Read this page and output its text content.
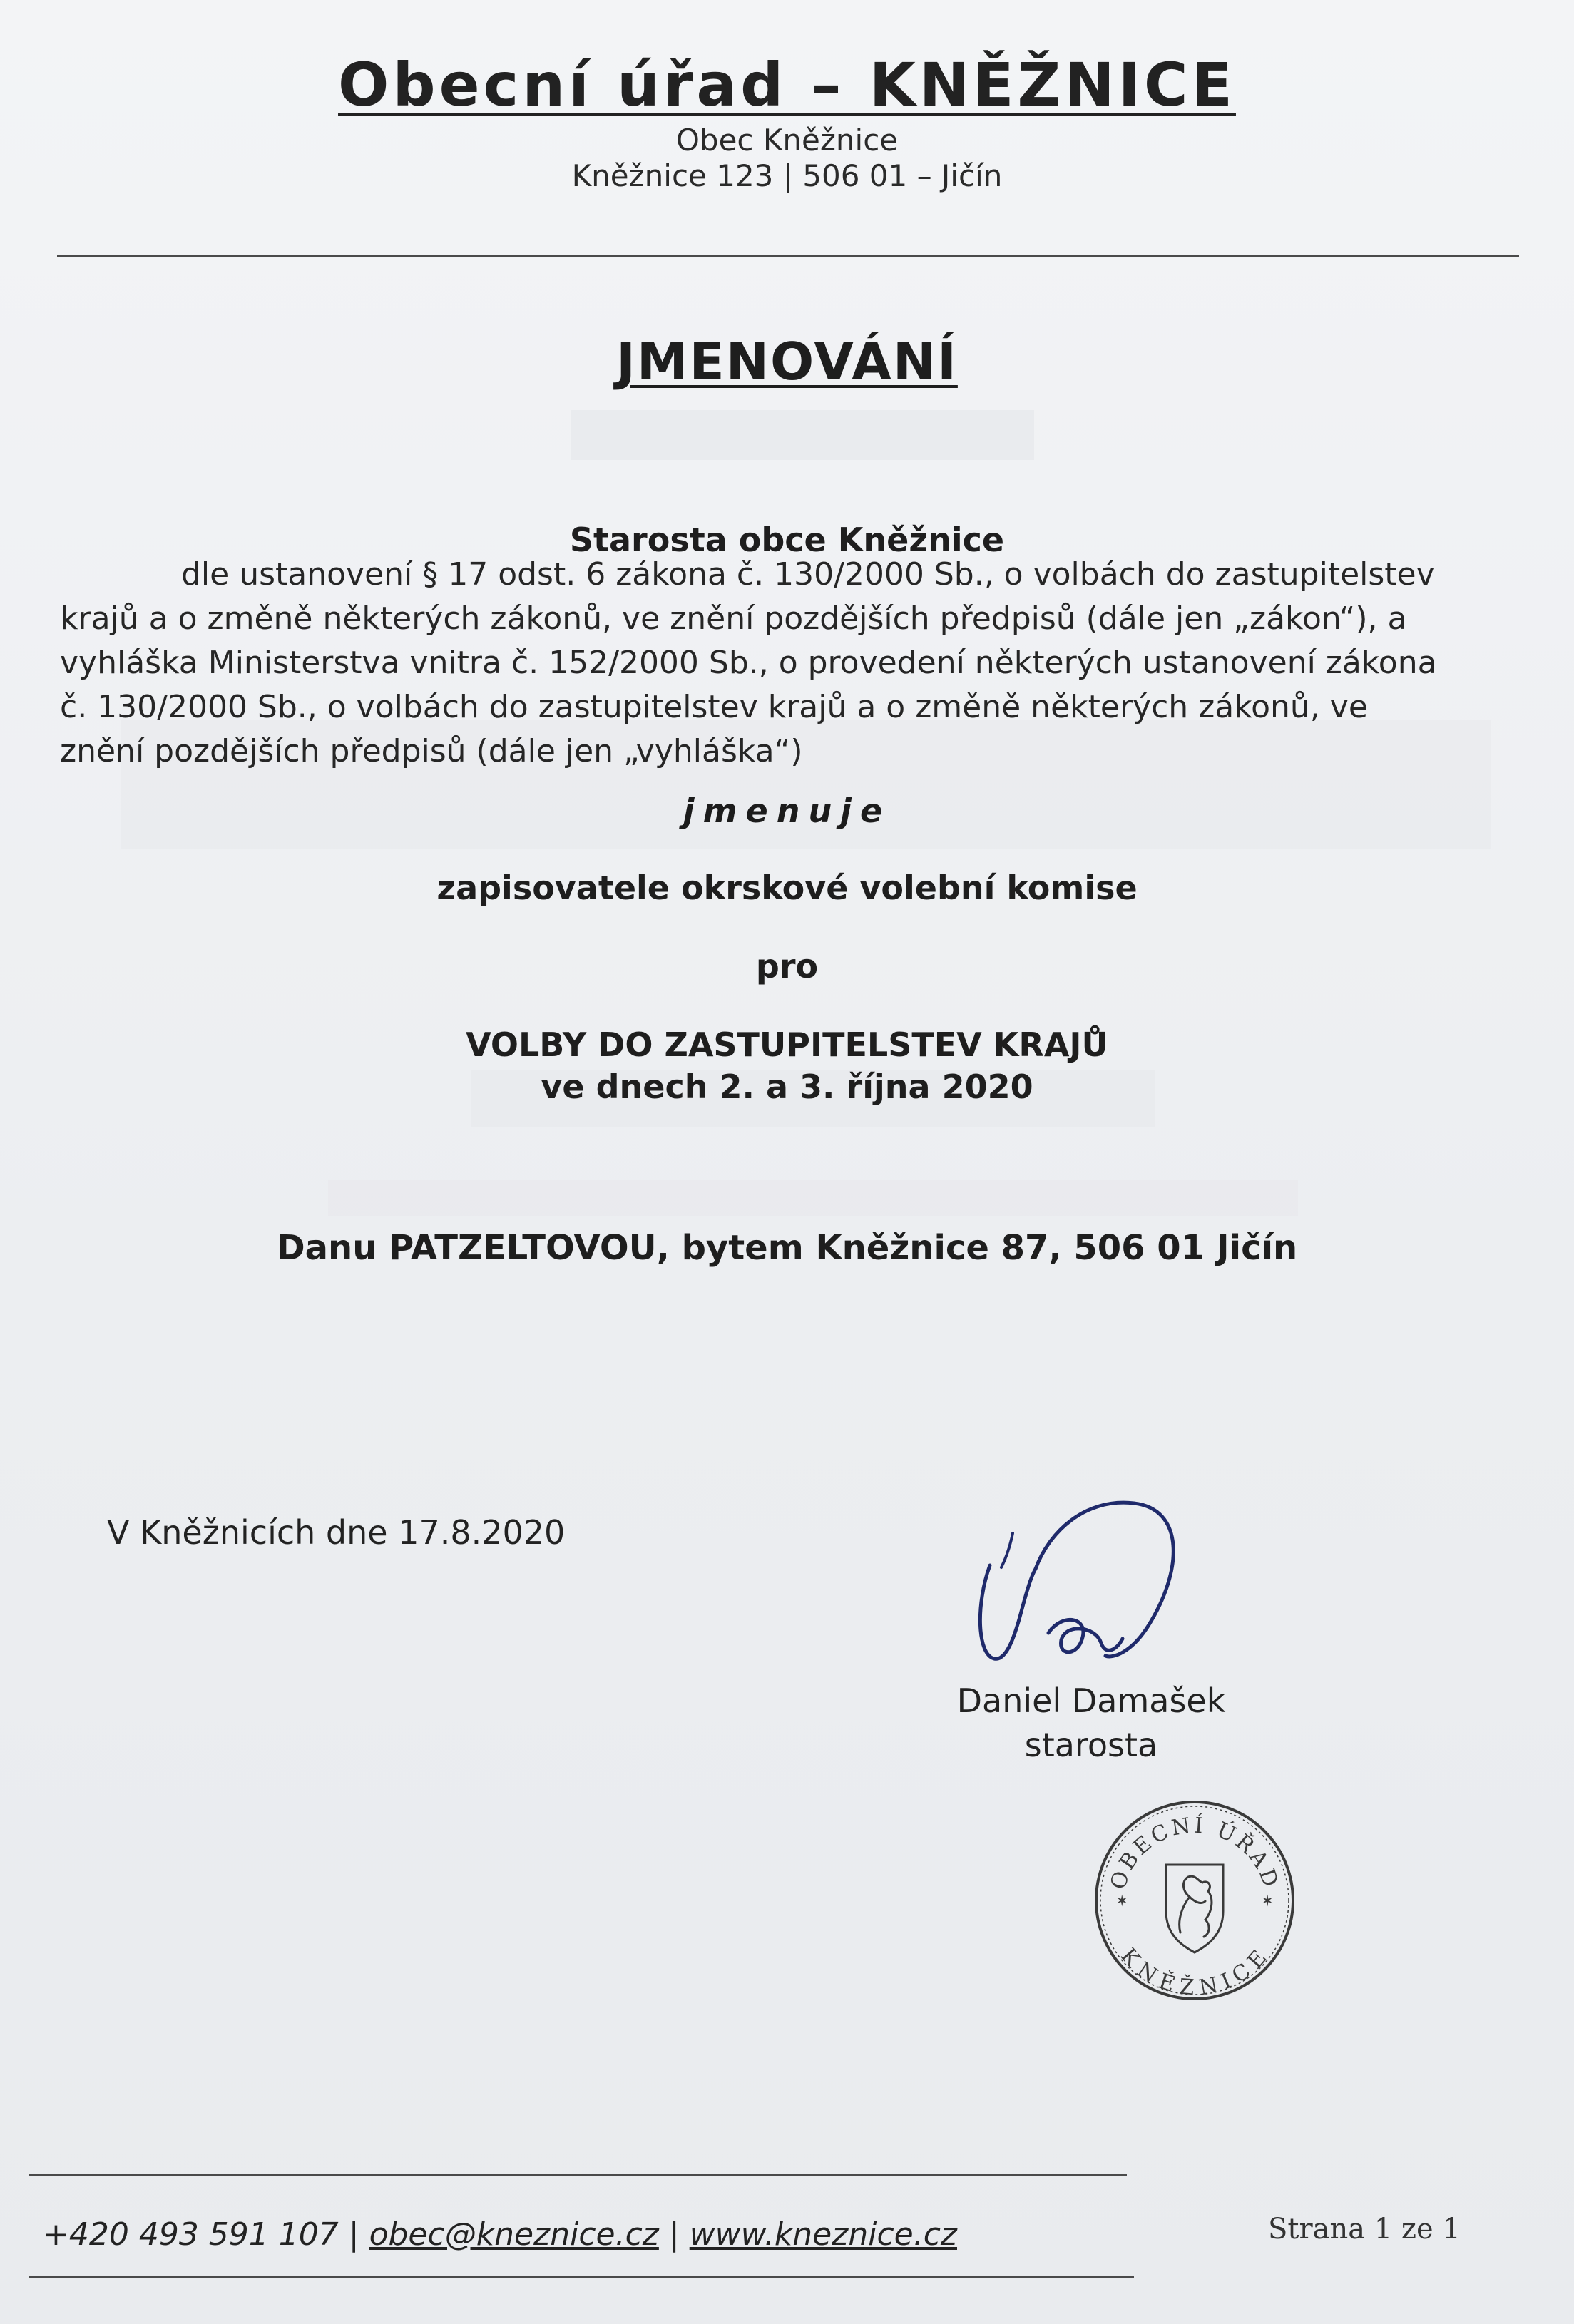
Obecní úřad – KNĚŽNICE
Obec Kněžnice
Kněžnice 123 | 506 01 – Jičín
JMENOVÁNÍ
Starosta obce Kněžnice
dle ustanovení § 17 odst. 6 zákona č. 130/2000 Sb., o volbách do zastupitelstev
krajů a o změně některých zákonů, ve znění pozdějších předpisů (dále jen „zákon“), a
vyhláška Ministerstva vnitra č. 152/2000 Sb., o provedení některých ustanovení zákona
č. 130/2000 Sb., o volbách do zastupitelstev krajů a o změně některých zákonů, ve
znění pozdějších předpisů (dále jen „vyhláška“)
jmenuje
zapisovatele okrskové volební komise
pro
VOLBY DO ZASTUPITELSTEV KRAJŮ
ve dnech 2. a 3. října 2020
Danu PATZELTOVOU, bytem Kněžnice 87, 506 01 Jičín
V Kněžnicích dne 17.8.2020
Daniel Damašek
starosta
OBECNÍ ÚŘAD
KNĚŽNICE
✶	✶
+420 493 591 107 | obec@kneznice.cz | www.kneznice.cz	Strana 1 ze 1
